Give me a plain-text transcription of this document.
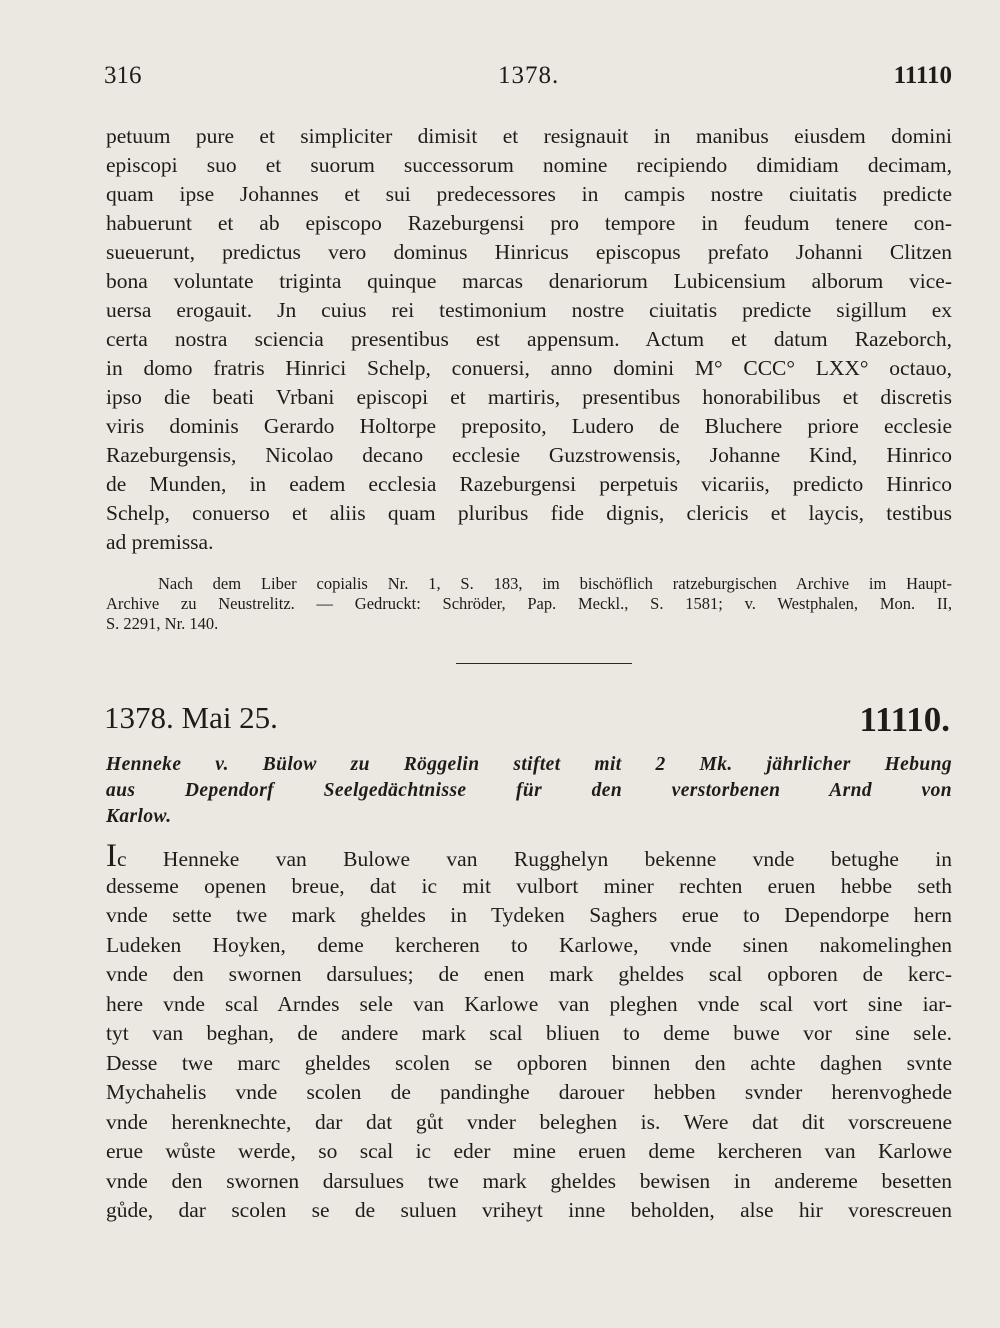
316	1378.	11110
petuum pure et simpliciter dimisit et resignauit in manibus eiusdem domini
episcopi suo et suorum successorum nomine recipiendo dimidiam decimam,
quam ipse Johannes et sui predecessores in campis nostre ciuitatis predicte
habuerunt et ab episcopo Razeburgensi pro tempore in feudum tenere con-
sueuerunt, predictus vero dominus Hinricus episcopus prefato Johanni Clitzen
bona voluntate triginta quinque marcas denariorum Lubicensium alborum vice-
uersa erogauit. Jn cuius rei testimonium nostre ciuitatis predicte sigillum ex
certa nostra sciencia presentibus est appensum. Actum et datum Razeborch,
in domo fratris Hinrici Schelp, conuersi, anno domini M° CCC° LXX° octauo,
ipso die beati Vrbani episcopi et martiris, presentibus honorabilibus et discretis
viris dominis Gerardo Holtorpe preposito, Ludero de Bluchere priore ecclesie
Razeburgensis, Nicolao decano ecclesie Guzstrowensis, Johanne Kind, Hinrico
de Munden, in eadem ecclesia Razeburgensi perpetuis vicariis, predicto Hinrico
Schelp, conuerso et aliis quam pluribus fide dignis, clericis et laycis, testibus
ad premissa.
Nach dem Liber copialis Nr. 1, S. 183, im bischöflich ratzeburgischen Archive im Haupt-
Archive zu Neustrelitz. — Gedruckt: Schröder, Pap. Meckl., S. 1581; v. Westphalen, Mon. II,
S. 2291, Nr. 140.
1378. Mai 25.	11110.
Henneke v. Bülow zu Röggelin stiftet mit 2 Mk. jährlicher Hebung
aus Dependorf Seelgedächtnisse für den verstorbenen Arnd von
Karlow.
Ic Henneke van Bulowe van Rugghelyn bekenne vnde betughe in
desseme openen breue, dat ic mit vulbort miner rechten eruen hebbe seth
vnde sette twe mark gheldes in Tydeken Saghers erue to Dependorpe hern
Ludeken Hoyken, deme kercheren to Karlowe, vnde sinen nakomelinghen
vnde den swornen darsulues; de enen mark gheldes scal opboren de kerc-
here vnde scal Arndes sele van Karlowe van pleghen vnde scal vort sine iar-
tyt van beghan, de andere mark scal bliuen to deme buwe vor sine sele.
Desse twe marc gheldes scolen se opboren binnen den achte daghen svnte
Mychahelis vnde scolen de pandinghe darouer hebben svnder herenvoghede
vnde herenknechte, dar dat gůt vnder beleghen is. Were dat dit vorscreuene
erue wůste werde, so scal ic eder mine eruen deme kercheren van Karlowe
vnde den swornen darsulues twe mark gheldes bewisen in andereme besetten
gůde, dar scolen se de suluen vriheyt inne beholden, alse hir vorescreuen
